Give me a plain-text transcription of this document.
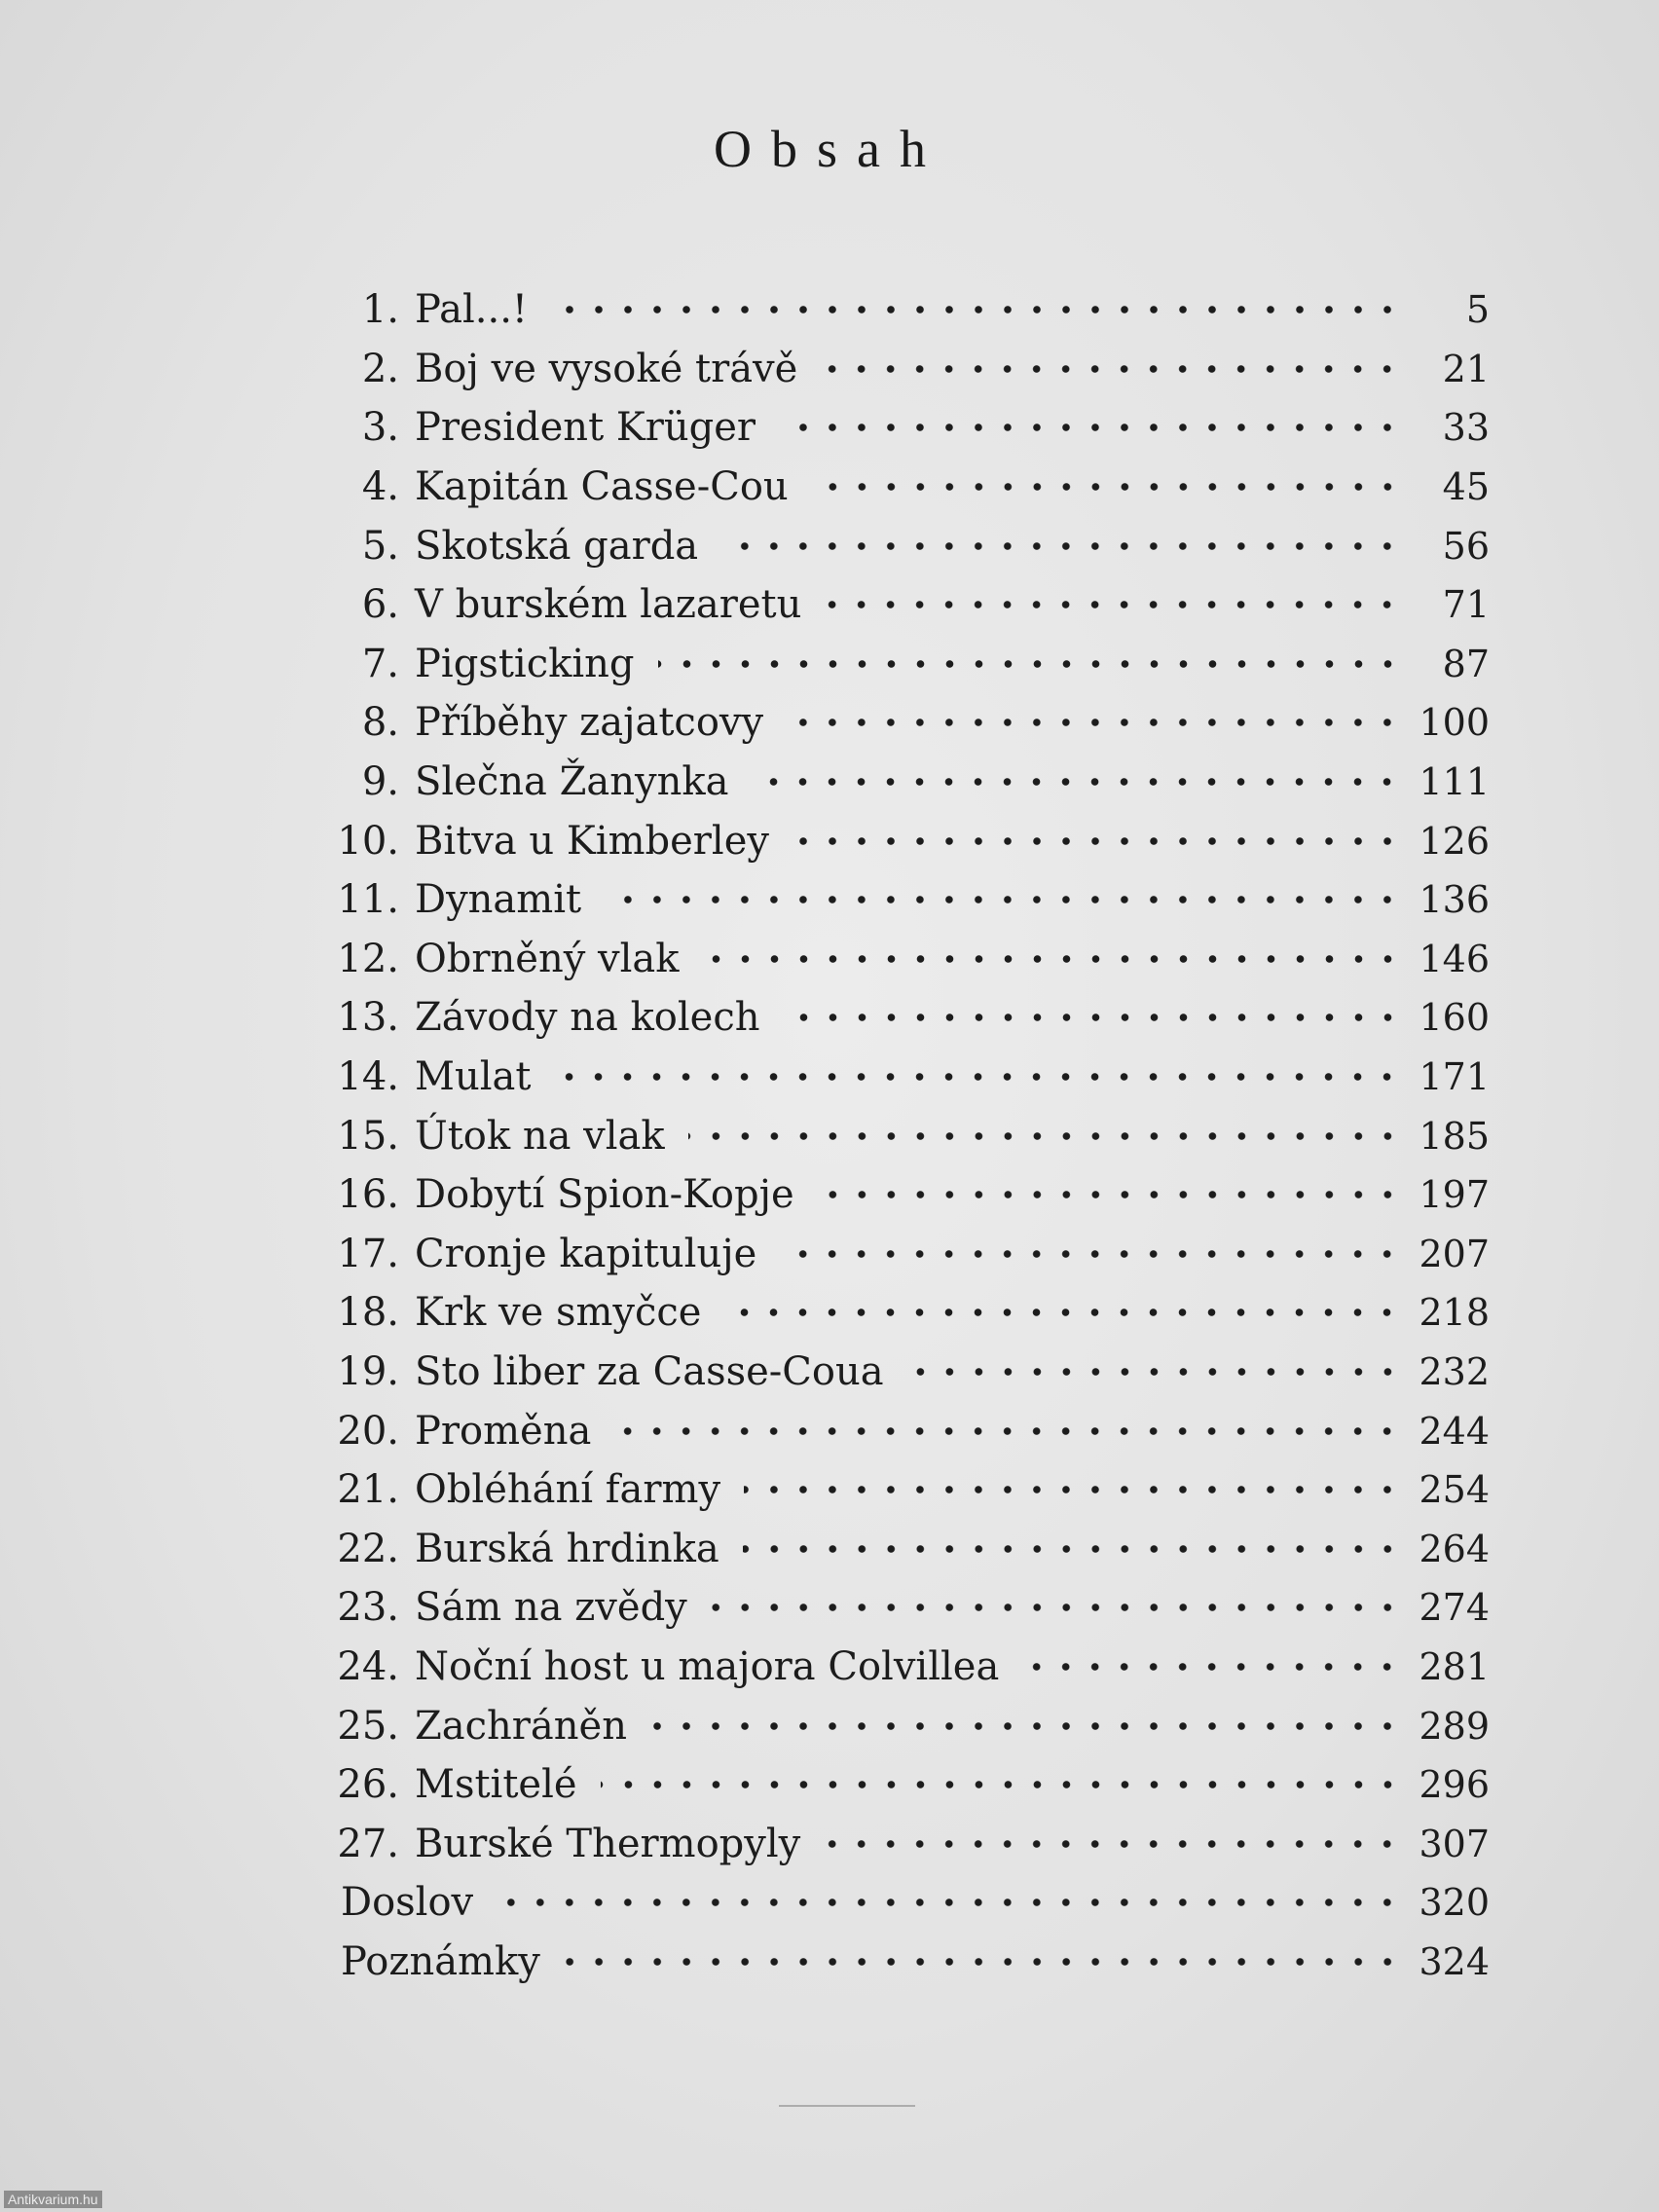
Obsah
1. Pal...!	5
2. Boj ve vysoké trávě	21
3. President Krüger	33
4. Kapitán Casse-Cou	45
5. Skotská garda	56
6. V burském lazaretu	71
7. Pigsticking	87
8. Příběhy zajatcovy	100
9. Slečna Žanynka	111
10. Bitva u Kimberley	126
11. Dynamit	136
12. Obrněný vlak	146
13. Závody na kolech	160
14. Mulat	171
15. Útok na vlak	185
16. Dobytí Spion-Kopje	197
17. Cronje kapituluje	207
18. Krk ve smyčce	218
19. Sto liber za Casse-Coua	232
20. Proměna	244
21. Obléhání farmy	254
22. Burská hrdinka	264
23. Sám na zvědy	274
24. Noční host u majora Colvillea	281
25. Zachráněn	289
26. Mstitelé	296
27. Burské Thermopyly	307
Doslov	320
Poznámky	324
Antikvarium.hu
